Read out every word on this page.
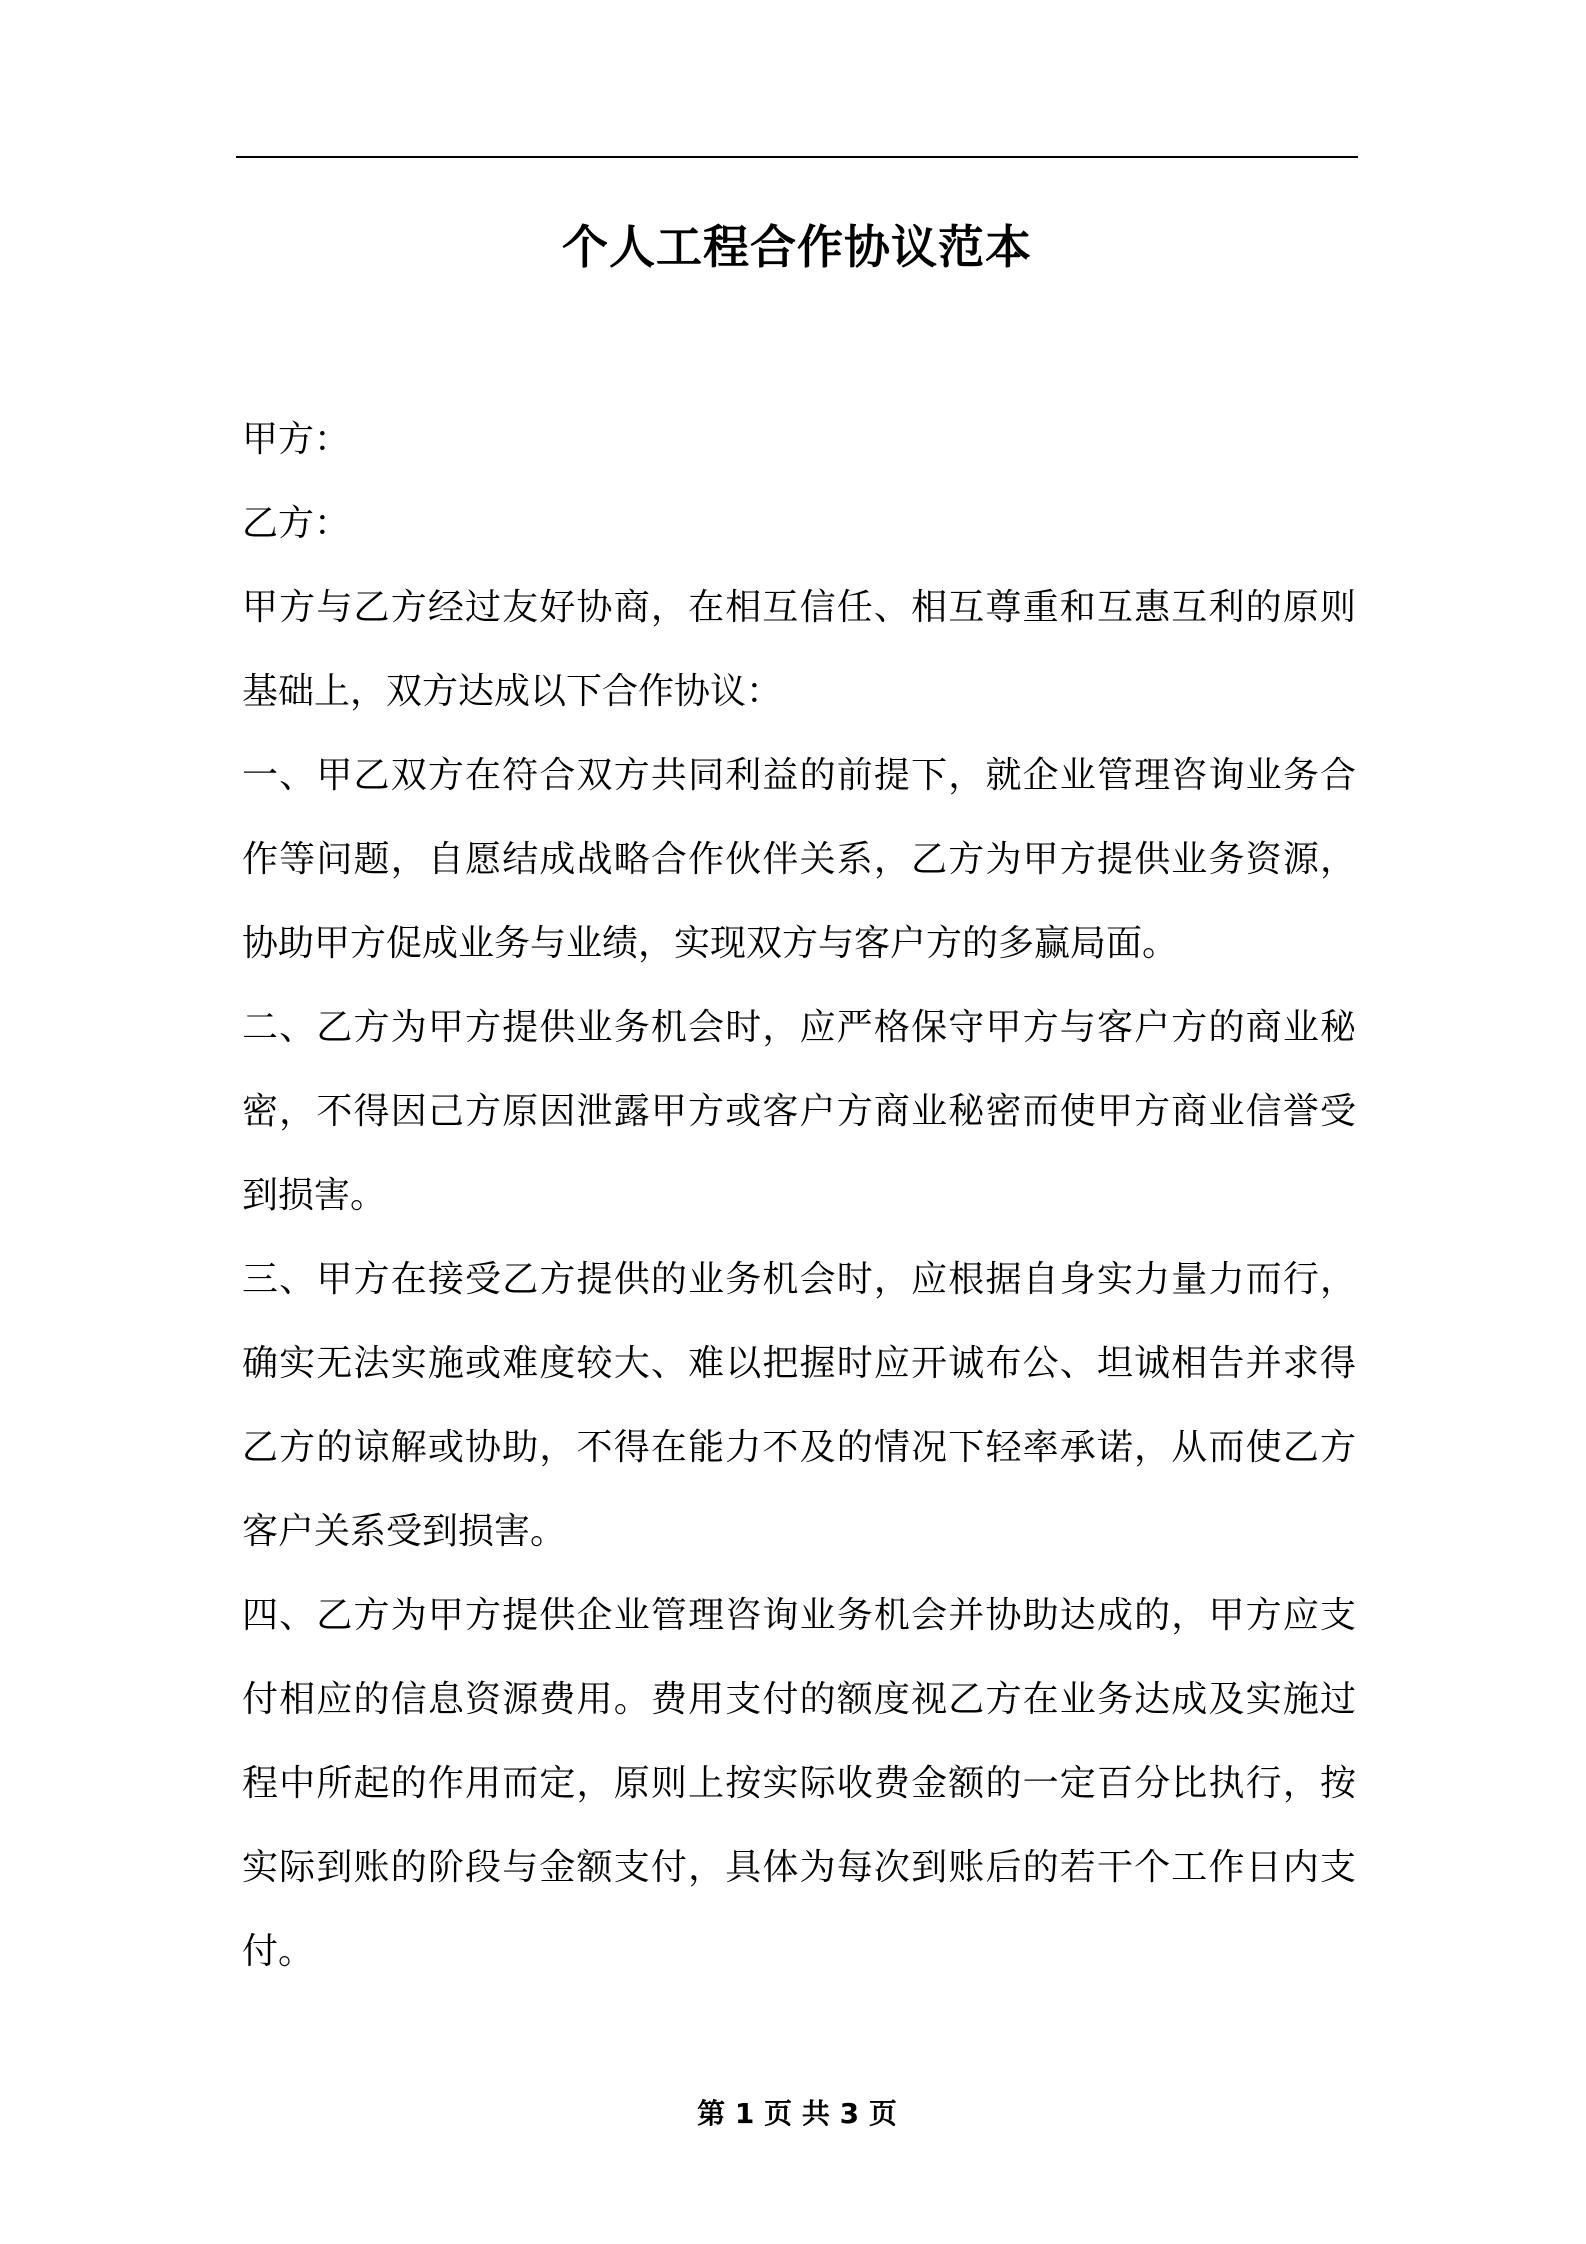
个人工程合作协议范本

甲方：

乙方：

甲方与乙方经过友好协商，在相互信任、相互尊重和互惠互利的原则基础上，双方达成以下合作协议：

一、甲乙双方在符合双方共同利益的前提下，就企业管理咨询业务合作等问题，自愿结成战略合作伙伴关系，乙方为甲方提供业务资源，协助甲方促成业务与业绩，实现双方与客户方的多赢局面。

二、乙方为甲方提供业务机会时，应严格保守甲方与客户方的商业秘密，不得因己方原因泄露甲方或客户方商业秘密而使甲方商业信誉受到损害。

三、甲方在接受乙方提供的业务机会时，应根据自身实力量力而行，确实无法实施或难度较大、难以把握时应开诚布公、坦诚相告并求得乙方的谅解或协助，不得在能力不及的情况下轻率承诺，从而使乙方客户关系受到损害。

四、乙方为甲方提供企业管理咨询业务机会并协助达成的，甲方应支付相应的信息资源费用。费用支付的额度视乙方在业务达成及实施过程中所起的作用而定，原则上按实际收费金额的一定百分比执行，按实际到账的阶段与金额支付，具体为每次到账后的若干个工作日内支付。

第 1 页 共 3 页
